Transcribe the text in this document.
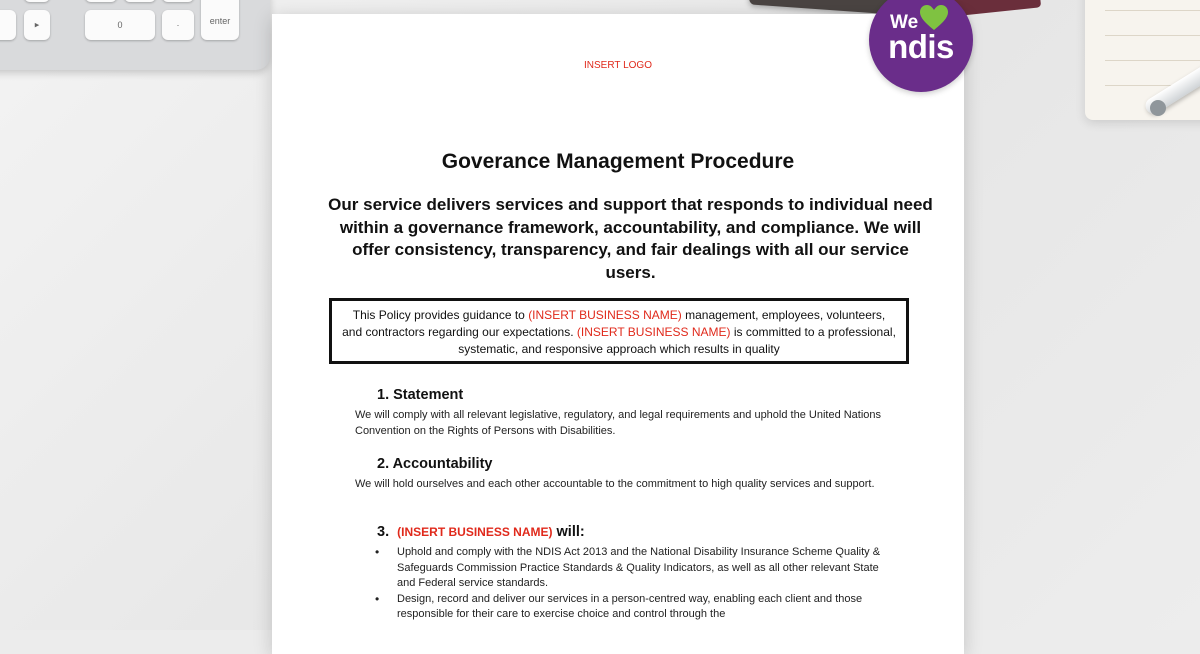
▸	0	·	enter
INSERT LOGO
Goverance Management Procedure
Our service delivers services and support that responds to individual need within a governance framework, accountability, and compliance. We will offer consistency, transparency, and fair dealings with all our service users.
This Policy provides guidance to (INSERT BUSINESS NAME) management, employees, volunteers, and contractors regarding our expectations. (INSERT BUSINESS NAME) is committed to a professional, systematic, and responsive approach which results in quality
1. Statement
We will comply with all relevant legislative, regulatory, and legal requirements and uphold the United Nations Convention on the Rights of Persons with Disabilities.
2. Accountability
We will hold ourselves and each other accountable to the commitment to high quality services and support.
3. (INSERT BUSINESS NAME) will:
• Uphold and comply with the NDIS Act 2013 and the National Disability Insurance Scheme Quality & Safeguards Commission Practice Standards & Quality Indicators, as well as all other relevant State and Federal service standards.
• Design, record and deliver our services in a person-centred way, enabling each client and those responsible for their care to exercise choice and control through the
We
ndis
